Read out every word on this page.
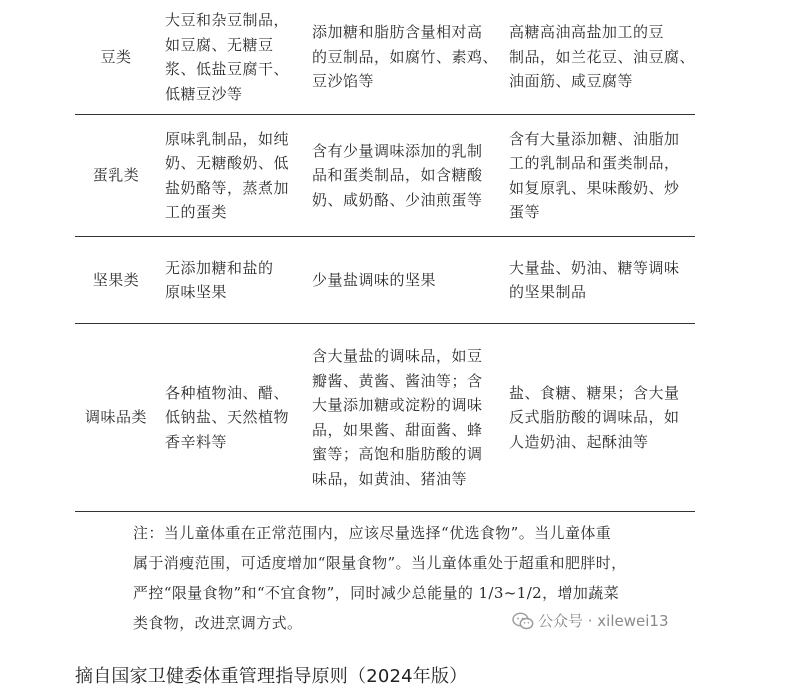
豆类
大豆和杂豆制品，
如豆腐、无糖豆
浆、低盐豆腐干、
低糖豆沙等
添加糖和脂肪含量相对高
的豆制品，如腐竹、素鸡、
豆沙馅等
高糖高油高盐加工的豆
制品，如兰花豆、油豆腐、
油面筋、咸豆腐等
蛋乳类
原味乳制品，如纯
奶、无糖酸奶、低
盐奶酪等，蒸煮加
工的蛋类
含有少量调味添加的乳制
品和蛋类制品，如含糖酸
奶、咸奶酪、少油煎蛋等
含有大量添加糖、油脂加
工的乳制品和蛋类制品，
如复原乳、果味酸奶、炒
蛋等
坚果类
无添加糖和盐的
原味坚果
少量盐调味的坚果
大量盐、奶油、糖等调味
的坚果制品
调味品类
各种植物油、醋、
低钠盐、天然植物
香辛料等
含大量盐的调味品，如豆
瓣酱、黄酱、酱油等；含
大量添加糖或淀粉的调味
品，如果酱、甜面酱、蜂
蜜等；高饱和脂肪酸的调
味品，如黄油、猪油等
盐、食糖、糖果；含大量
反式脂肪酸的调味品，如
人造奶油、起酥油等
注：当儿童体重在正常范围内，应该尽量选择“优选食物”。当儿童体重
属于消瘦范围，可适度增加“限量食物”。当儿童体重处于超重和肥胖时，
严控“限量食物”和“不宜食物”，同时减少总能量的 1/3~1/2，增加蔬菜
类食物，改进烹调方式。	公众号 · xilewei13
摘自国家卫健委体重管理指导原则（2024年版）
